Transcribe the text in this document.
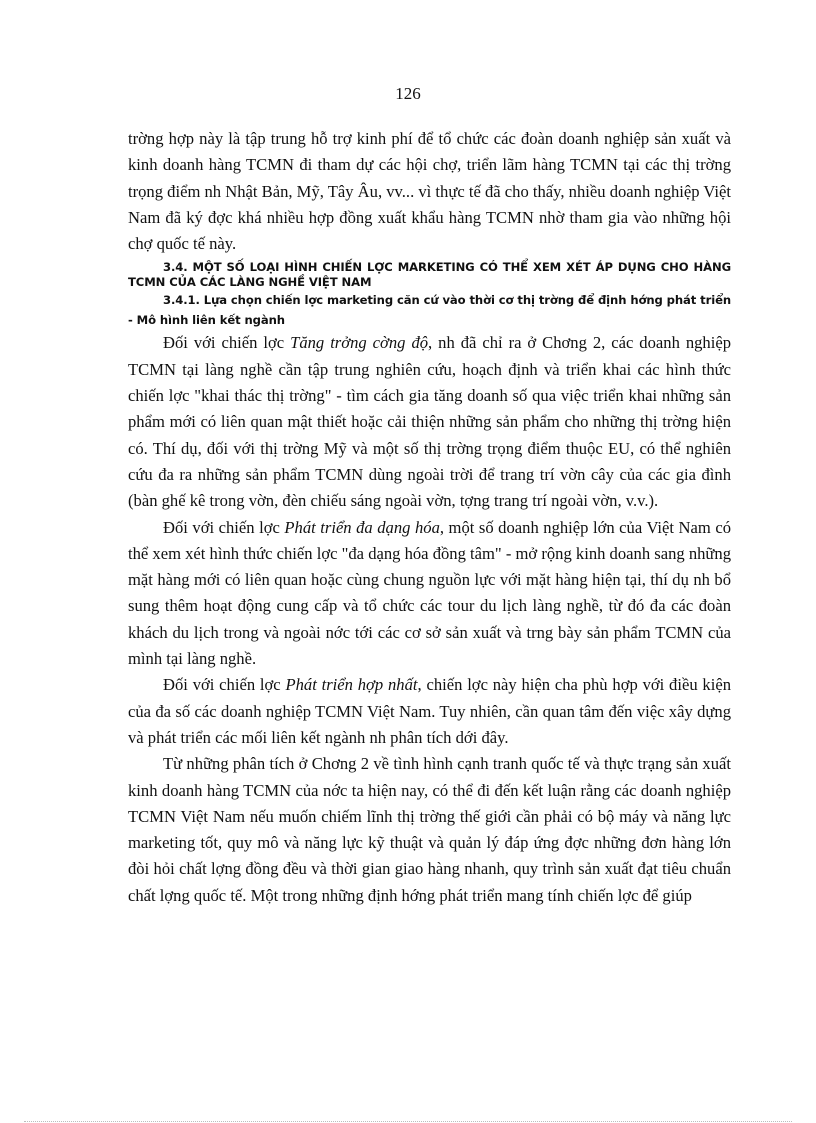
126

trờng hợp này là tập trung hỗ trợ kinh phí để tổ chức các đoàn doanh nghiệp sản xuất và kinh doanh hàng TCMN đi tham dự các hội chợ, triển lãm hàng TCMN tại các thị trờng trọng điểm nh Nhật Bản, Mỹ, Tây Âu, vv... vì thực tế đã cho thấy, nhiều doanh nghiệp Việt Nam đã ký đợc khá nhiều hợp đồng xuất khẩu hàng TCMN nhờ tham gia vào những hội chợ quốc tế này.

3.4. MỘT SỐ LOẠI HÌNH CHIẾN LỢC MARKETING CÓ THỂ XEM XÉT ÁP DỤNG CHO HÀNG TCMN CỦA CÁC LÀNG NGHỀ VIỆT NAM

3.4.1. Lựa chọn chiến lợc marketing căn cứ vào thời cơ thị trờng để định hớng phát triển - Mô hình liên kết ngành

Đối với chiến lợc Tăng trởng cờng độ, nh đã chỉ ra ở Chơng 2, các doanh nghiệp TCMN tại làng nghề cần tập trung nghiên cứu, hoạch định và triển khai các hình thức chiến lợc "khai thác thị trờng" - tìm cách gia tăng doanh số qua việc triển khai những sản phẩm mới có liên quan mật thiết hoặc cải thiện những sản phẩm cho những thị trờng hiện có. Thí dụ, đối với thị trờng Mỹ và một số thị trờng trọng điểm thuộc EU, có thể nghiên cứu đa ra những sản phẩm TCMN dùng ngoài trời để trang trí vờn cây của các gia đình (bàn ghế kê trong vờn, đèn chiếu sáng ngoài vờn, tợng trang trí ngoài vờn, v.v.).

Đối với chiến lợc Phát triển đa dạng hóa, một số doanh nghiệp lớn của Việt Nam có thể xem xét hình thức chiến lợc "đa dạng hóa đồng tâm" - mở rộng kinh doanh sang những mặt hàng mới có liên quan hoặc cùng chung nguồn lực với mặt hàng hiện tại, thí dụ nh bổ sung thêm hoạt động cung cấp và tổ chức các tour du lịch làng nghề, từ đó đa các đoàn khách du lịch trong và ngoài nớc tới các cơ sở sản xuất và trng bày sản phẩm TCMN của mình tại làng nghề.

Đối với chiến lợc Phát triển hợp nhất, chiến lợc này hiện cha phù hợp với điều kiện của đa số các doanh nghiệp TCMN Việt Nam. Tuy nhiên, cần quan tâm đến việc xây dựng và phát triển các mối liên kết ngành nh phân tích dới đây.

Từ những phân tích ở Chơng 2 về tình hình cạnh tranh quốc tế và thực trạng sản xuất kinh doanh hàng TCMN của nớc ta hiện nay, có thể đi đến kết luận rằng các doanh nghiệp TCMN Việt Nam nếu muốn chiếm lĩnh thị trờng thế giới cần phải có bộ máy và năng lực marketing tốt, quy mô và năng lực kỹ thuật và quản lý đáp ứng đợc những đơn hàng lớn đòi hỏi chất lợng đồng đều và thời gian giao hàng nhanh, quy trình sản xuất đạt tiêu chuẩn chất lợng quốc tế. Một trong những định hớng phát triển mang tính chiến lợc để giúp
